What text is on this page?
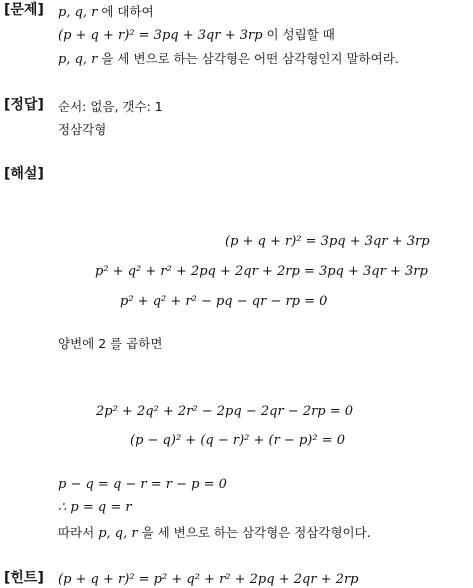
[문제] p, q, r 에 대하여
(p + q + r)² = 3pq + 3qr + 3rp 이 성립할 때
p, q, r 을 세 변으로 하는 삼각형은 어떤 삼각형인지 말하여라.
[정답] 순서: 없음, 갯수: 1
정삼각형
[해설]
(p + q + r)² = 3pq + 3qr + 3rp
p² + q² + r² + 2pq + 2qr + 2rp = 3pq + 3qr + 3rp
p² + q² + r² − pq − qr − rp = 0
양변에 2 를 곱하면
2p² + 2q² + 2r² − 2pq − 2qr − 2rp = 0
(p − q)² + (q − r)² + (r − p)² = 0
p − q = q − r = r − p = 0
∴ p = q = r
따라서 p, q, r 을 세 변으로 하는 삼각형은 정삼각형이다.
[힌트] (p + q + r)² = p² + q² + r² + 2pq + 2qr + 2rp
